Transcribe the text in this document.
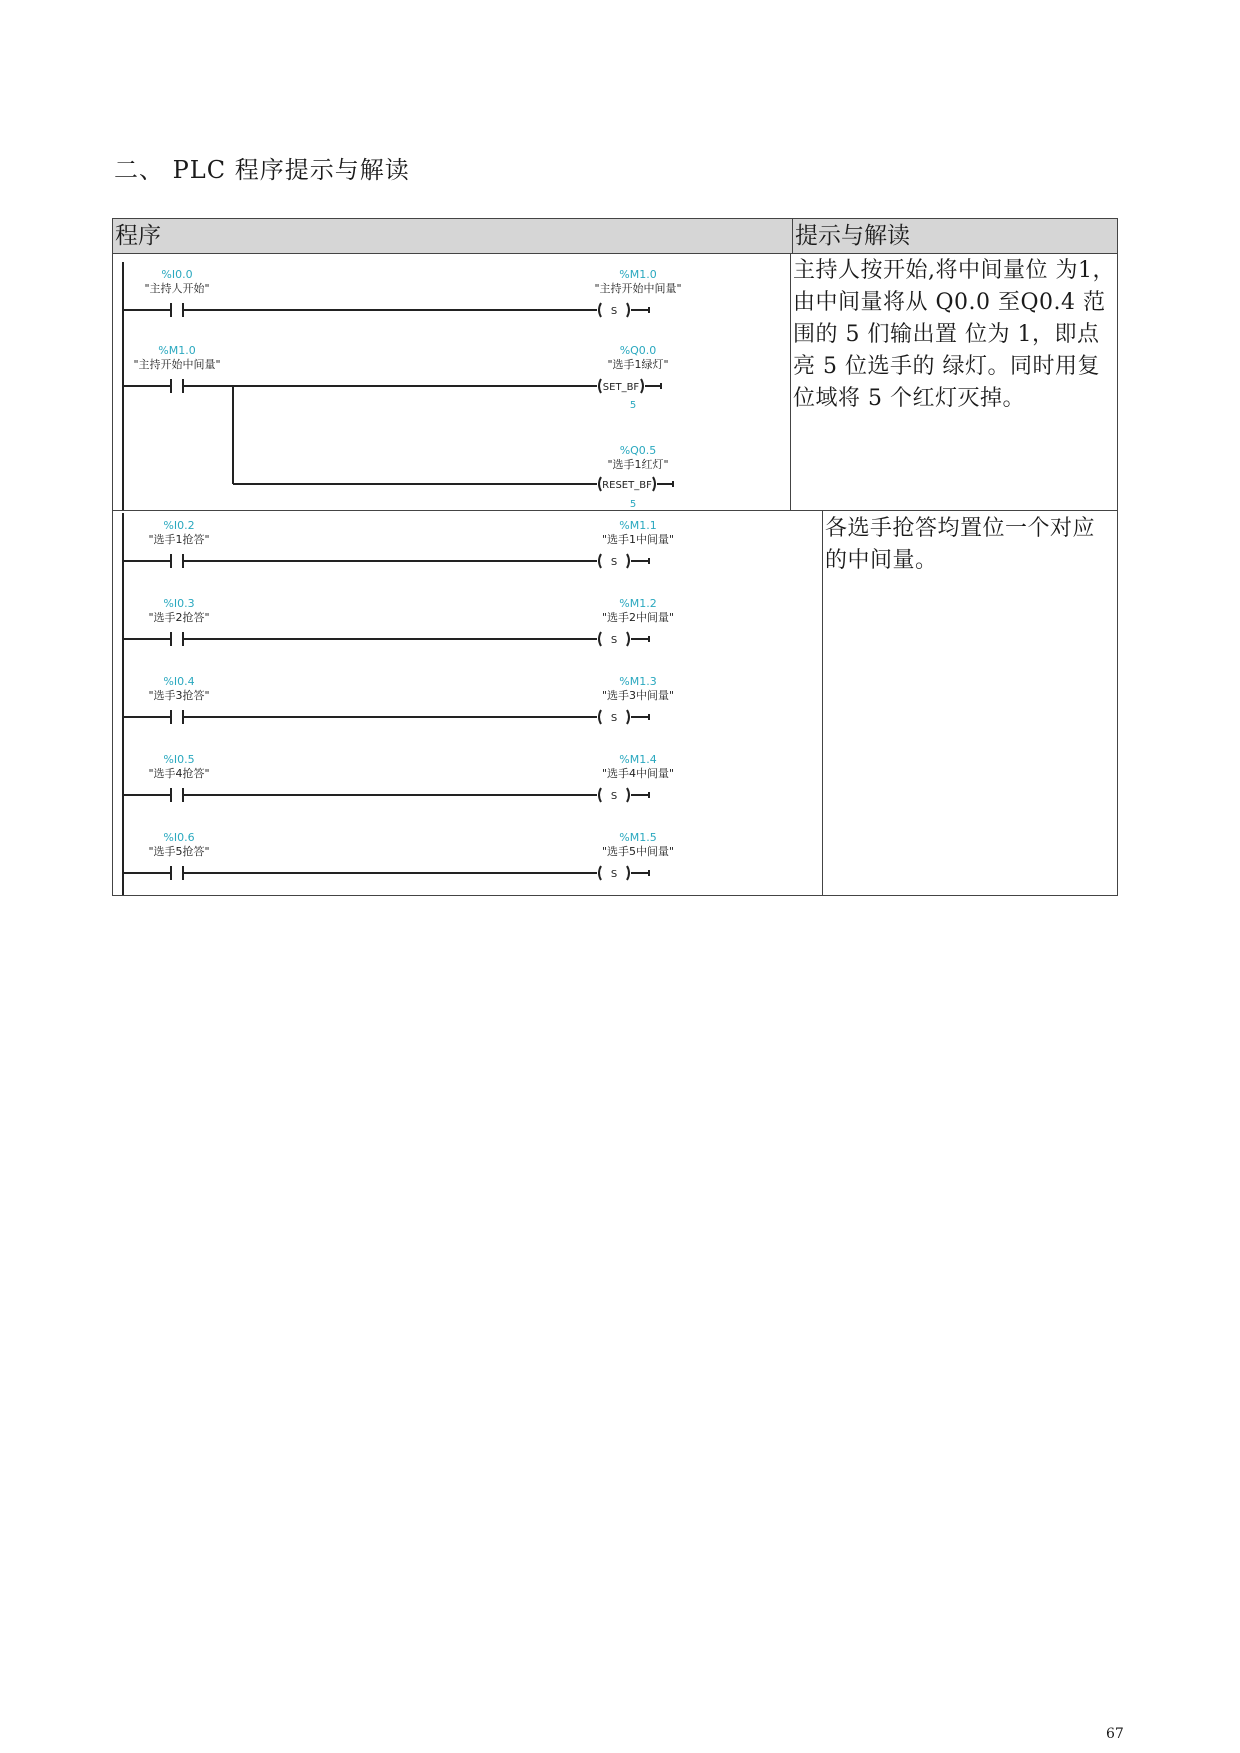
二、 PLC 程序提示与解读
程序	提示与解读
%I0.0
"主持人开始"
%M1.0
"主持开始中间量"
S
%M1.0
"主持开始中间量"
%Q0.0
"选手1绿灯"
SET_BF
5
%Q0.5
"选手1红灯"
RESET_BF
5
主持人按开始,将中间量位 为1，由中间量将从 Q0.0 至Q0.4 范围的 5 们输出置 位为 1，即点亮 5 位选手的 绿灯。同时用复位域将 5 个红灯灭掉。
%I0.2
"选手1抢答"
%M1.1
"选手1中间量"
S
%I0.3
"选手2抢答"
%M1.2
"选手2中间量"
S
%I0.4
"选手3抢答"
%M1.3
"选手3中间量"
S
%I0.5
"选手4抢答"
%M1.4
"选手4中间量"
S
%I0.6
"选手5抢答"
%M1.5
"选手5中间量"
S
各选手抢答均置位一个对应的中间量。
67
